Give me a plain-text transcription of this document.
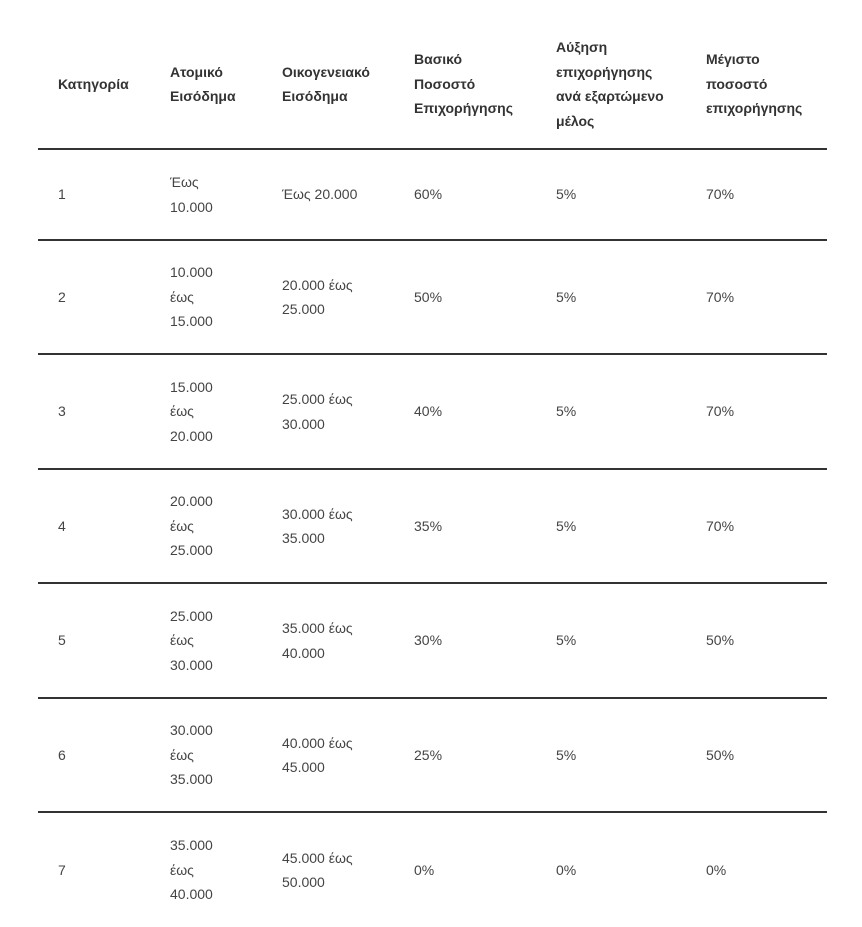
Κατηγορία	Ατομικό Εισόδημα	Οικογενειακό Εισόδημα	Βασικό Ποσοστό Επιχορήγησης	Αύξηση επιχορήγησης ανά εξαρτώμενο μέλος	Μέγιστο ποσοστό επιχορήγησης
1	Έως 10.000	Έως 20.000	60%	5%	70%
2	10.000 έως 15.000	20.000 έως 25.000	50%	5%	70%
3	15.000 έως 20.000	25.000 έως 30.000	40%	5%	70%
4	20.000 έως 25.000	30.000 έως 35.000	35%	5%	70%
5	25.000 έως 30.000	35.000 έως 40.000	30%	5%	50%
6	30.000 έως 35.000	40.000 έως 45.000	25%	5%	50%
7	35.000 έως 40.000	45.000 έως 50.000	0%	0%	0%
